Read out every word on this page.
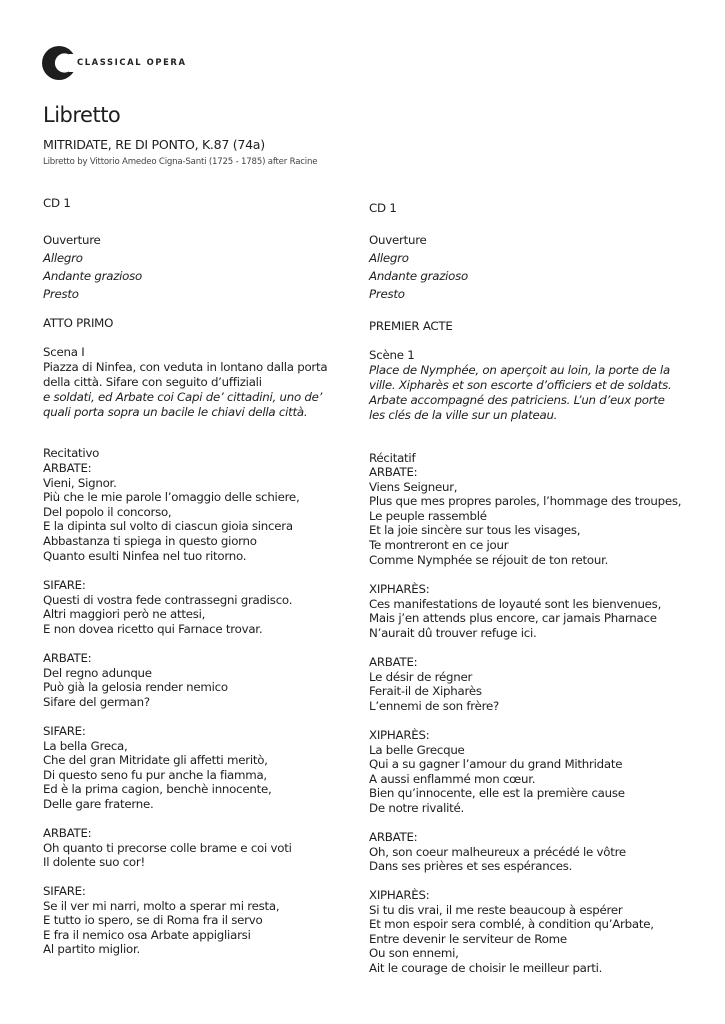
CLASSICAL OPERA
Libretto
MITRIDATE, RE DI PONTO, K.87 (74a)
Libretto by Vittorio Amedeo Cigna-Santi (1725 - 1785) after Racine
CD 1
Ouverture
Allegro
Andante grazioso
Presto
ATTO PRIMO
Scena I
Piazza di Ninfea, con veduta in lontano dalla porta
della città. Sifare con seguito d’uffiziali
e soldati, ed Arbate coi Capi de’ cittadini, uno de’
quali porta sopra un bacile le chiavi della città.
Recitativo
ARBATE:
Vieni, Signor.
Più che le mie parole l’omaggio delle schiere,
Del popolo il concorso,
E la dipinta sul volto di ciascun gioia sincera
Abbastanza ti spiega in questo giorno
Quanto esulti Ninfea nel tuo ritorno.
SIFARE:
Questi di vostra fede contrassegni gradisco.
Altri maggiori però ne attesi,
E non dovea ricetto qui Farnace trovar.
ARBATE:
Del regno adunque
Può già la gelosia render nemico
Sifare del german?
SIFARE:
La bella Greca,
Che del gran Mitridate gli affetti meritò,
Di questo seno fu pur anche la fiamma,
Ed è la prima cagion, benchè innocente,
Delle gare fraterne.
ARBATE:
Oh quanto ti precorse colle brame e coi voti
Il dolente suo cor!
SIFARE:
Se il ver mi narri, molto a sperar mi resta,
E tutto io spero, se di Roma fra il servo
E fra il nemico osa Arbate appigliarsi
Al partito miglior.
CD 1
Ouverture
Allegro
Andante grazioso
Presto
PREMIER ACTE
Scène 1
Place de Nymphée, on aperçoit au loin, la porte de la
ville. Xipharès et son escorte d’officiers et de soldats.
Arbate accompagné des patriciens. L’un d’eux porte
les clés de la ville sur un plateau.
Récitatif
ARBATE:
Viens Seigneur,
Plus que mes propres paroles, l’hommage des troupes,
Le peuple rassemblé
Et la joie sincère sur tous les visages,
Te montreront en ce jour
Comme Nymphée se réjouit de ton retour.
XIPHARÈS:
Ces manifestations de loyauté sont les bienvenues,
Mais j’en attends plus encore, car jamais Pharnace
N’aurait dû trouver refuge ici.
ARBATE:
Le désir de régner
Ferait-il de Xipharès
L’ennemi de son frère?
XIPHARÈS:
La belle Grecque
Qui a su gagner l’amour du grand Mithridate
A aussi enflammé mon cœur.
Bien qu’innocente, elle est la première cause
De notre rivalité.
ARBATE:
Oh, son coeur malheureux a précédé le vôtre
Dans ses prières et ses espérances.
XIPHARÈS:
Si tu dis vrai, il me reste beaucoup à espérer
Et mon espoir sera comblé, à condition qu’Arbate,
Entre devenir le serviteur de Rome
Ou son ennemi,
Ait le courage de choisir le meilleur parti.
